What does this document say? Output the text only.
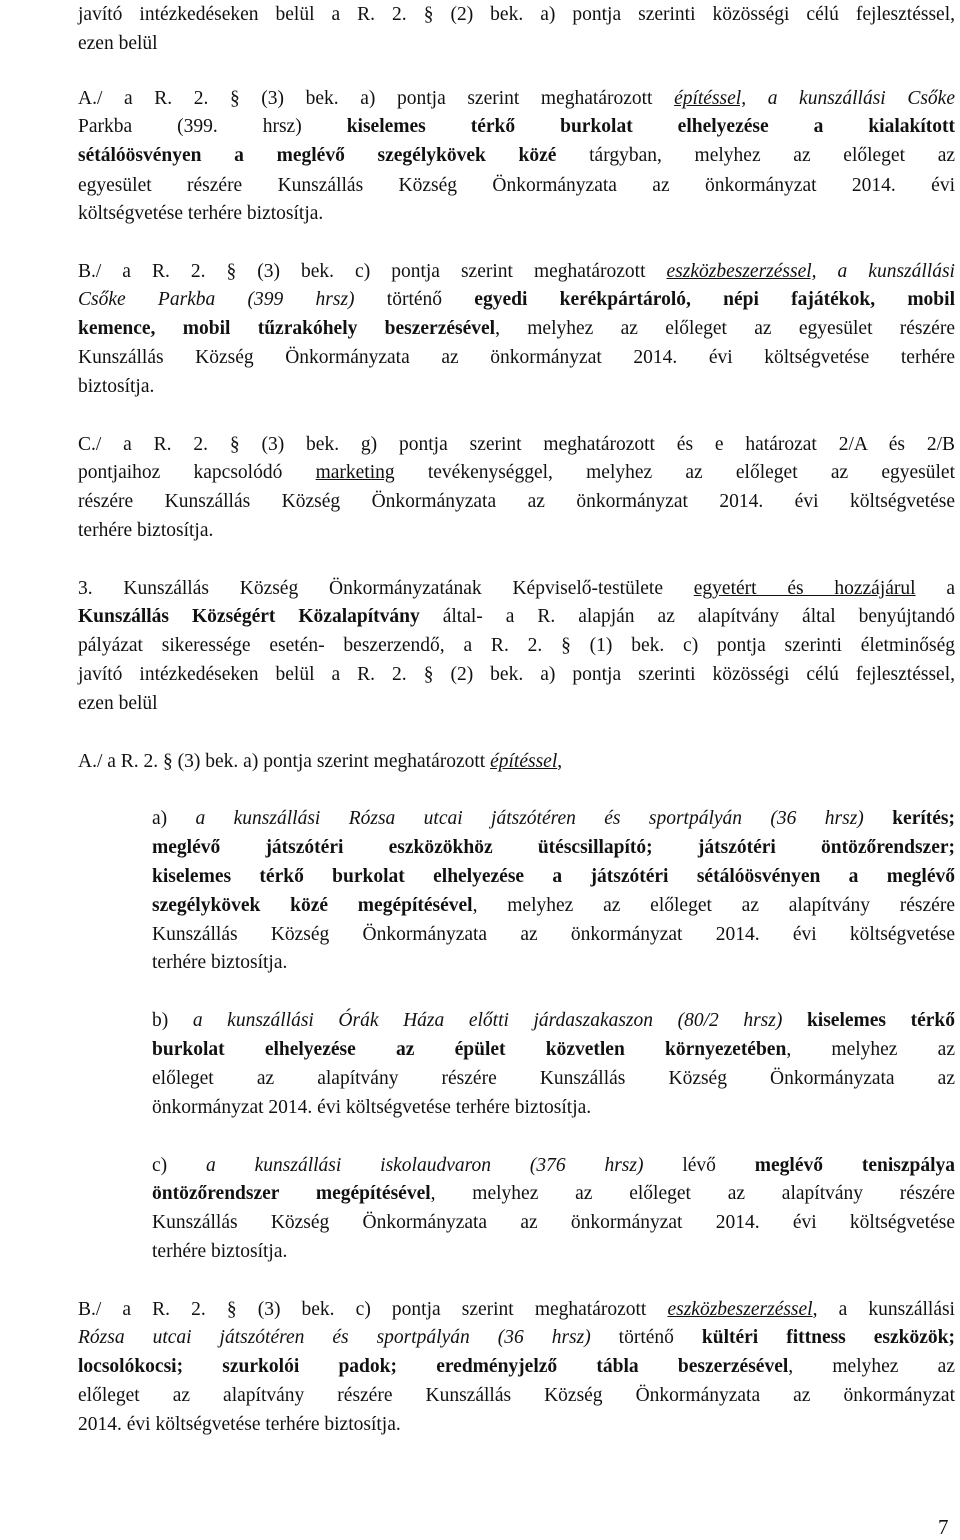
javító intézkedéseken belül a R. 2. § (2) bek. a) pontja szerinti közösségi célú fejlesztéssel,
ezen belül
A./ a R. 2. § (3) bek. a) pontja szerint meghatározott építéssel, a kunszállási Csőke
Parkba (399. hrsz) kiselemes térkő burkolat elhelyezése a kialakított
sétálóösvényen a meglévő szegélykövek közé tárgyban, melyhez az előleget az
egyesület részére Kunszállás Község Önkormányzata az önkormányzat 2014. évi
költségvetése terhére biztosítja.
B./ a R. 2. § (3) bek. c) pontja szerint meghatározott eszközbeszerzéssel, a kunszállási
Csőke Parkba (399 hrsz) történő egyedi kerékpártároló, népi fajátékok, mobil
kemence, mobil tűzrakóhely beszerzésével, melyhez az előleget az egyesület részére
Kunszállás Község Önkormányzata az önkormányzat 2014. évi költségvetése terhére
biztosítja.
C./ a R. 2. § (3) bek. g) pontja szerint meghatározott és e határozat 2/A és 2/B
pontjaihoz kapcsolódó marketing tevékenységgel, melyhez az előleget az egyesület
részére Kunszállás Község Önkormányzata az önkormányzat 2014. évi költségvetése
terhére biztosítja.
3. Kunszállás Község Önkormányzatának Képviselő-testülete egyetért és hozzájárul a
Kunszállás Községért Közalapítvány által- a R. alapján az alapítvány által benyújtandó
pályázat sikeressége esetén- beszerzendő, a R. 2. § (1) bek. c) pontja szerinti életminőség
javító intézkedéseken belül a R. 2. § (2) bek. a) pontja szerinti közösségi célú fejlesztéssel,
ezen belül
A./ a R. 2. § (3) bek. a) pontja szerint meghatározott építéssel,
a) a kunszállási Rózsa utcai játszótéren és sportpályán (36 hrsz) kerítés;
meglévő játszótéri eszközökhöz ütéscsillapító; játszótéri öntözőrendszer;
kiselemes térkő burkolat elhelyezése a játszótéri sétálóösvényen a meglévő
szegélykövek közé megépítésével, melyhez az előleget az alapítvány részére
Kunszállás Község Önkormányzata az önkormányzat 2014. évi költségvetése
terhére biztosítja.
b) a kunszállási Órák Háza előtti járdaszakaszon (80/2 hrsz) kiselemes térkő
burkolat elhelyezése az épület közvetlen környezetében, melyhez az
előleget az alapítvány részére Kunszállás Község Önkormányzata az
önkormányzat 2014. évi költségvetése terhére biztosítja.
c) a kunszállási iskolaudvaron (376 hrsz) lévő meglévő teniszpálya
öntözőrendszer megépítésével, melyhez az előleget az alapítvány részére
Kunszállás Község Önkormányzata az önkormányzat 2014. évi költségvetése
terhére biztosítja.
B./ a R. 2. § (3) bek. c) pontja szerint meghatározott eszközbeszerzéssel, a kunszállási
Rózsa utcai játszótéren és sportpályán (36 hrsz) történő kültéri fittness eszközök;
locsolókocsi; szurkolói padok; eredményjelző tábla beszerzésével, melyhez az
előleget az alapítvány részére Kunszállás Község Önkormányzata az önkormányzat
2014. évi költségvetése terhére biztosítja.
7
